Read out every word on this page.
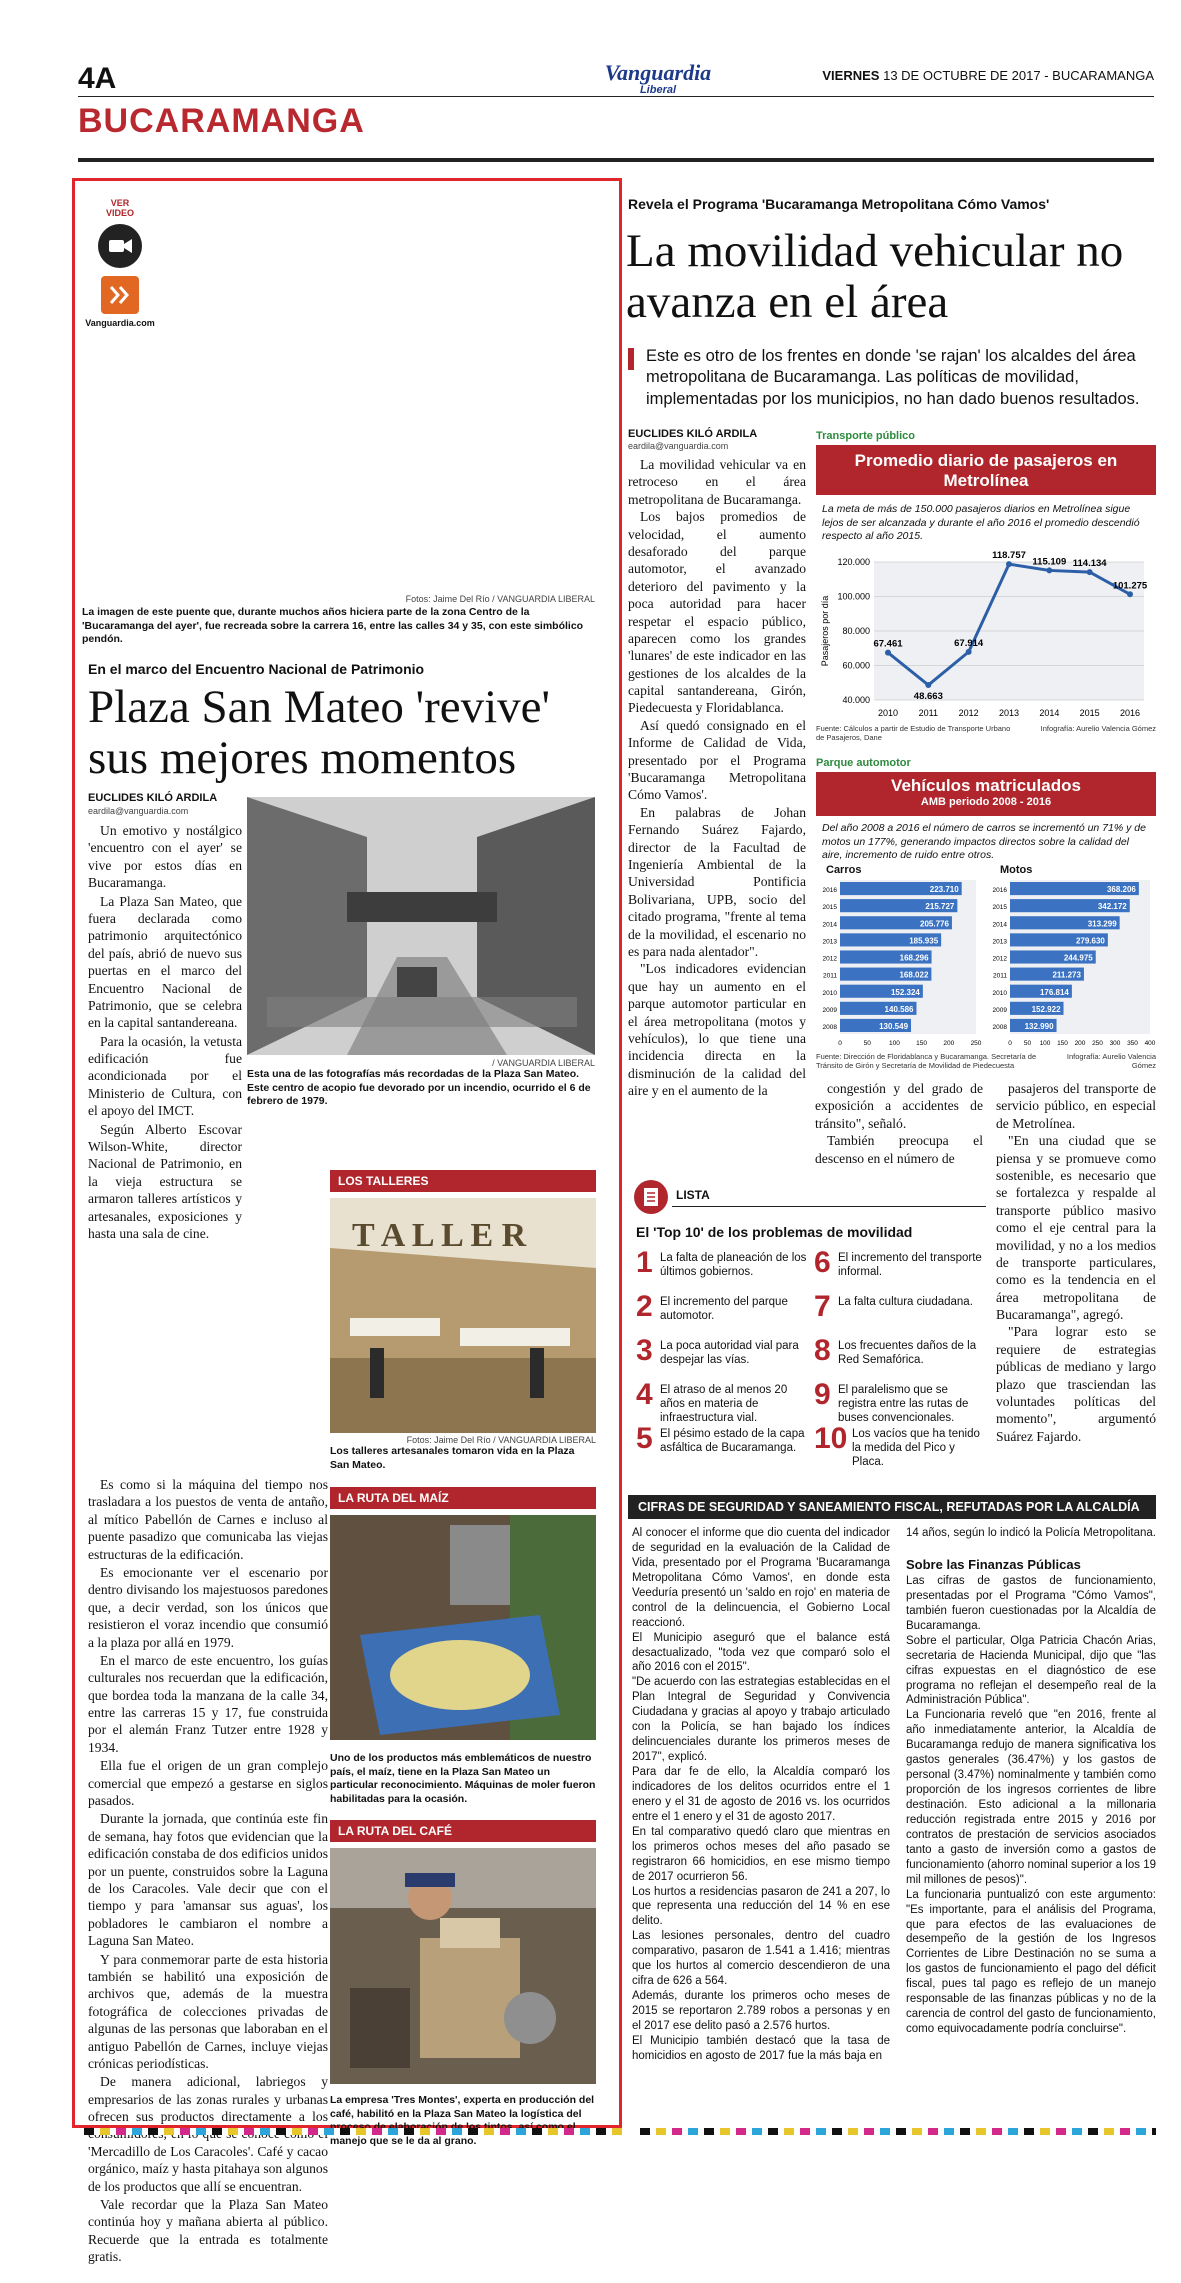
4A	Vanguardia
Liberal
VIERNES 13 DE OCTUBRE DE 2017 - BUCARAMANGA
BUCARAMANGA
VER
VIDEO
Vanguardia.com
FRIGIDAIRE
SOLO
Fotos: Jaime Del Río / VANGUARDIA LIBERAL
La imagen de este puente que, durante muchos años hiciera parte de la zona Centro de la 'Bucaramanga del ayer', fue recreada sobre la carrera 16, entre las calles 34 y 35, con este simbólico pendón.
En el marco del Encuentro Nacional de Patrimonio
Plaza San Mateo 'revive' sus mejores momentos
EUCLIDES KILÓ ARDILA
eardila@vanguardia.com

Un emotivo y nostálgico 'encuentro con el ayer' se vive por estos días en Bucaramanga.

La Plaza San Mateo, que fuera declarada como patrimonio arquitectónico del país, abrió de nuevo sus puertas en el marco del Encuentro Nacional de Patrimonio, que se celebra en la capital santandereana.

Para la ocasión, la vetusta edificación fue acondicionada por el Ministerio de Cultura, con el apoyo del IMCT.

Según Alberto Escovar Wilson-White, director Nacional de Patrimonio, en la vieja estructura se armaron talleres artísticos y artesanales, exposiciones y hasta una sala de cine.

/ VANGUARDIA LIBERAL
Esta una de las fotografías más recordadas de la Plaza San Mateo. Este centro de acopio fue devorado por un incendio, ocurrido el 6 de febrero de 1979.

Es como si la máquina del tiempo nos trasladara a los puestos de venta de antaño, al mítico Pabellón de Carnes e incluso al puente pasadizo que comunicaba las viejas estructuras de la edificación.

Es emocionante ver el escenario por dentro divisando los majestuosos paredones que, a decir verdad, son los únicos que resistieron el voraz incendio que consumió a la plaza por allá en 1979.

En el marco de este encuentro, los guías culturales nos recuerdan que la edificación, que bordea toda la manzana de la calle 34, entre las carreras 15 y 17, fue construida por el alemán Franz Tutzer entre 1928 y 1934.

Ella fue el origen de un gran complejo comercial que empezó a gestarse en siglos pasados.

Durante la jornada, que continúa este fin de semana, hay fotos que evidencian que la edificación constaba de dos edificios unidos por un puente, construidos sobre la Laguna de los Caracoles. Vale decir que con el tiempo y para 'amansar sus aguas', los pobladores le cambiaron el nombre a Laguna San Mateo.

Y para conmemorar parte de esta historia también se habilitó una exposición de archivos que, además de la muestra fotográfica de colecciones privadas de algunas de las personas que laboraban en el antiguo Pabellón de Carnes, incluye viejas crónicas periodísticas.

De manera adicional, labriegos y empresarios de las zonas rurales y urbanas ofrecen sus productos directamente a los 'Mercadillo de Los Caracoles'. Café y cacao orgánico, maíz y hasta pitahaya son algunos de los productos que allí se encuentran.

Vale recordar que la Plaza San Mateo continúa hoy y mañana abierta al público. Recuerde que la entrada es totalmente gratis.

LOS TALLERES
T A L L E R
Fotos: Jaime Del Río / VANGUARDIA LIBERAL
Los talleres artesanales tomaron vida en la Plaza San Mateo.
LA RUTA DEL MAÍZ
Uno de los productos más emblemáticos de nuestro país, el maíz, tiene en la Plaza San Mateo un particular reconocimiento. Máquinas de moler fueron habilitadas para la ocasión.
LA RUTA DEL CAFÉ
La empresa 'Tres Montes', experta en producción del café, habilitó en la Plaza San Mateo la logística del manejo que se le da al grano.
Revela el Programa 'Bucaramanga Metropolitana Cómo Vamos'
La movilidad vehicular no avanza en el área
Este es otro de los frentes en donde 'se rajan' los alcaldes del área metropolitana de Bucaramanga. Las políticas de movilidad, implementadas por los municipios, no han dado buenos resultados.
EUCLIDES KILÓ ARDILA
eardila@vanguardia.com

La movilidad vehicular va en retroceso en el área metropolitana de Bucaramanga.

Los bajos promedios de velocidad, el aumento desaforado del parque automotor, el avanzado deterioro del pavimento y la poca autoridad para hacer respetar el espacio público, aparecen como los grandes 'lunares' de este indicador en las gestiones de los alcaldes de la capital santandereana, Girón, Piedecuesta y Floridablanca.

Así quedó consignado en el Informe de Calidad de Vida, presentado por el Programa 'Bucaramanga Metropolitana Cómo Vamos'.

En palabras de Johan Fernando Suárez Fajardo, director de la Facultad de Ingeniería Ambiental de la Universidad Pontificia Bolivariana, UPB, socio del citado programa, "frente al tema de la movilidad, el escenario no es para nada alentador".

"Los indicadores evidencian que hay un aumento en el parque automotor particular en el área metropolitana (motos y vehículos), lo que tiene una incidencia directa en la disminución de la calidad del aire y en el aumento de la

Transporte público
Promedio diario de pasajeros en Metrolínea
La meta de más de 150.000 pasajeros diarios en Metrolínea sigue lejos de ser alcanzada y durante el año 2016 el promedio descendió respecto al año 2015.
40.000
60.000
80.000
100.000
120.000
2010 2011 2012 2013 2014 2015 2016
Pasajeros por día	67.461
48.663
67.914
118.757
115.109 114.134
101.275
Fuente: Cálculos a partir de Estudio de Transporte Urbano de Pasajeros, Dane
Infografía: Aurelio Valencia Gómez
Parque automotor
Vehículos matriculados
AMB periodo 2008 - 2016
Del año 2008 a 2016 el número de carros se incrementó un 71% y de motos un 177%, generando impactos directos sobre la calidad del aire, incremento de ruido entre otros.
Carros	Motos
2016	223.710
2015	215.727
2014	205.776
2013	185.935
2012	168.296
2011	168.022
2010	152.324
2009	140.586
2008	130.549
0	50	100	150	200	250
2016	368.206
2015	342.172
2014	313.299
2013	279.630
2012	244.975
2011	211.273
2010	176.814
2009	152.922
2008 132.990
0 50 100 150 200 250 300 350 400
Fuente: Dirección de Floridablanca y Bucaramanga. Secretaría de Tránsito de Girón y Secretaría de Movilidad de Piedecuesta
Infografía: Aurelio Valencia Gómez

congestión y del grado de exposición a accidentes de tránsito", señaló.

También preocupa el descenso en el número de

pasajeros del transporte de servicio público, en especial de Metrolínea.

"En una ciudad que se piensa y se promueve como sostenible, es necesario que se fortalezca y respalde al transporte público masivo como el eje central para la movilidad, y no a los medios de transporte particulares, como es la tendencia en el área metropolitana de Bucaramanga", agregó.

"Para lograr esto se requiere de estrategias públicas de mediano y largo plazo que trasciendan las voluntades políticas del momento", argumentó Suárez Fajardo.

LISTA
El 'Top 10' de los problemas de movilidad
1 La falta de planeación de los últimos gobiernos.
2 El incremento del parque automotor.
3 La poca autoridad vial para despejar las vías.
4 El atraso de al menos 20 años en materia de infraestructura vial.
5 El pésimo estado de la capa asfáltica de Bucaramanga.
6 El incremento del transporte informal.
7 La falta cultura ciudadana.
8 Los frecuentes daños de la Red Semafórica.
9 El paralelismo que se registra entre las rutas de buses convencionales.
10 Los vacíos que ha tenido la medida del Pico y Placa.
CIFRAS DE SEGURIDAD Y SANEAMIENTO FISCAL, REFUTADAS POR LA ALCALDÍA

Al conocer el informe que dio cuenta del indicador de seguridad en la evaluación de la Calidad de Vida, presentado por el Programa 'Bucaramanga Metropolitana Cómo Vamos', en donde esta Veeduría presentó un 'saldo en rojo' en materia de control de la delincuencia, el Gobierno Local reaccionó.

El Municipio aseguró que el balance está desactualizado, "toda vez que comparó solo el año 2016 con el 2015".

"De acuerdo con las estrategias establecidas en el Plan Integral de Seguridad y Convivencia Ciudadana y gracias al apoyo y trabajo articulado con la Policía, se han bajado los índices delincuenciales durante los primeros meses de 2017", explicó.

Para dar fe de ello, la Alcaldía comparó los indicadores de los delitos ocurridos entre el 1 enero y el 31 de agosto de 2016 vs. los ocurridos entre el 1 enero y el 31 de agosto 2017.

En tal comparativo quedó claro que mientras en los primeros ochos meses del año pasado se registraron 66 homicidios, en ese mismo tiempo de 2017 ocurrieron 56.

Los hurtos a residencias pasaron de 241 a 207, lo que representa una reducción del 14 % en ese delito.

Las lesiones personales, dentro del cuadro comparativo, pasaron de 1.541 a 1.416; mientras que los hurtos al comercio descendieron de una cifra de 626 a 564.

Además, durante los primeros ocho meses de 2015 se reportaron 2.789 robos a personas y en el 2017 ese delito pasó a 2.576 hurtos.

El Municipio también destacó que la tasa de homicidios en agosto de 2017 fue la más baja en

14 años, según lo indicó la Policía Metropolitana.
Sobre las Finanzas Públicas

Las cifras de gastos de funcionamiento, presentadas por el Programa "Cómo Vamos", también fueron cuestionadas por la Alcaldía de Bucaramanga.

Sobre el particular, Olga Patricia Chacón Arias, secretaria de Hacienda Municipal, dijo que "las cifras expuestas en el diagnóstico de ese programa no reflejan el desempeño real de la Administración Pública".

La Funcionaria reveló que "en 2016, frente al año inmediatamente anterior, la Alcaldía de Bucaramanga redujo de manera significativa los gastos generales (36.47%) y los gastos de personal (3.47%) nominalmente y también como proporción de los ingresos corrientes de libre destinación. Esto adicional a la millonaria reducción registrada entre 2015 y 2016 por contratos de prestación de servicios asociados tanto a gasto de inversión como a gastos de funcionamiento (ahorro nominal superior a los 19 mil millones de pesos)".

La funcionaria puntualizó con este argumento: "Es importante, para el análisis del Programa, que para efectos de las evaluaciones de desempeño de la gestión de los Ingresos Corrientes de Libre Destinación no se suma a los gastos de funcionamiento el pago del déficit fiscal, pues tal pago es reflejo de un manejo responsable de las finanzas públicas y no de la carencia de control del gasto de funcionamiento, como equivocadamente podría concluirse".
